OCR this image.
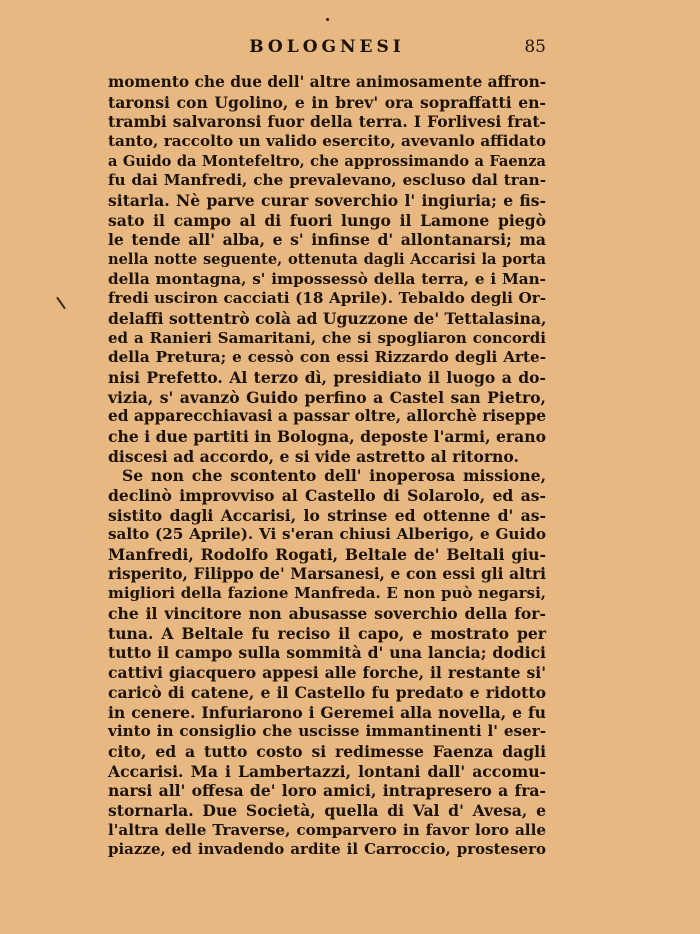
BOLOGNESI	85
momento che due dell' altre animosamente affron-
taronsi con Ugolino, e in brev' ora sopraffatti en-
trambi salvaronsi fuor della terra. I Forlivesi frat-
tanto, raccolto un valido esercito, avevanlo affidato
a Guido da Montefeltro, che approssimando a Faenza
fu dai Manfredi, che prevalevano, escluso dal tran-
sitarla. Nè parve curar soverchio l' ingiuria; e fis-
sato il campo al di fuori lungo il Lamone piegò
le tende all' alba, e s' infinse d' allontanarsi; ma
nella notte seguente, ottenuta dagli Accarisi la porta
della montagna, s' impossessò della terra, e i Man-
fredi usciron cacciati (18 Aprile). Tebaldo degli Or-
delaffi sottentrò colà ad Uguzzone de' Tettalasina,
ed a Ranieri Samaritani, che si spogliaron concordi
della Pretura; e cessò con essi Rizzardo degli Arte-
nisi Prefetto. Al terzo dì, presidiato il luogo a do-
vizia, s' avanzò Guido perfino a Castel san Pietro,
ed apparecchiavasi a passar oltre, allorchè riseppe
che i due partiti in Bologna, deposte l'armi, erano
discesi ad accordo, e si vide astretto al ritorno.
Se non che scontento dell' inoperosa missione,
declinò improvviso al Castello di Solarolo, ed as-
sistito dagli Accarisi, lo strinse ed ottenne d' as-
salto (25 Aprile). Vi s'eran chiusi Alberigo, e Guido
Manfredi, Rodolfo Rogati, Beltale de' Beltali giu-
risperito, Filippo de' Marsanesi, e con essi gli altri
migliori della fazione Manfreda. E non può negarsi,
che il vincitore non abusasse soverchio della for-
tuna. A Beltale fu reciso il capo, e mostrato per
tutto il campo sulla sommità d' una lancia; dodici
cattivi giacquero appesi alle forche, il restante si'
caricò di catene, e il Castello fu predato e ridotto
in cenere. Infuriarono i Geremei alla novella, e fu
vinto in consiglio che uscisse immantinenti l' eser-
cito, ed a tutto costo si redimesse Faenza dagli
Accarisi. Ma i Lambertazzi, lontani dall' accomu-
narsi all' offesa de' loro amici, intrapresero a fra-
stornarla. Due Società, quella di Val d' Avesa, e
l'altra delle Traverse, comparvero in favor loro alle
piazze, ed invadendo ardite il Carroccio, prostesero
